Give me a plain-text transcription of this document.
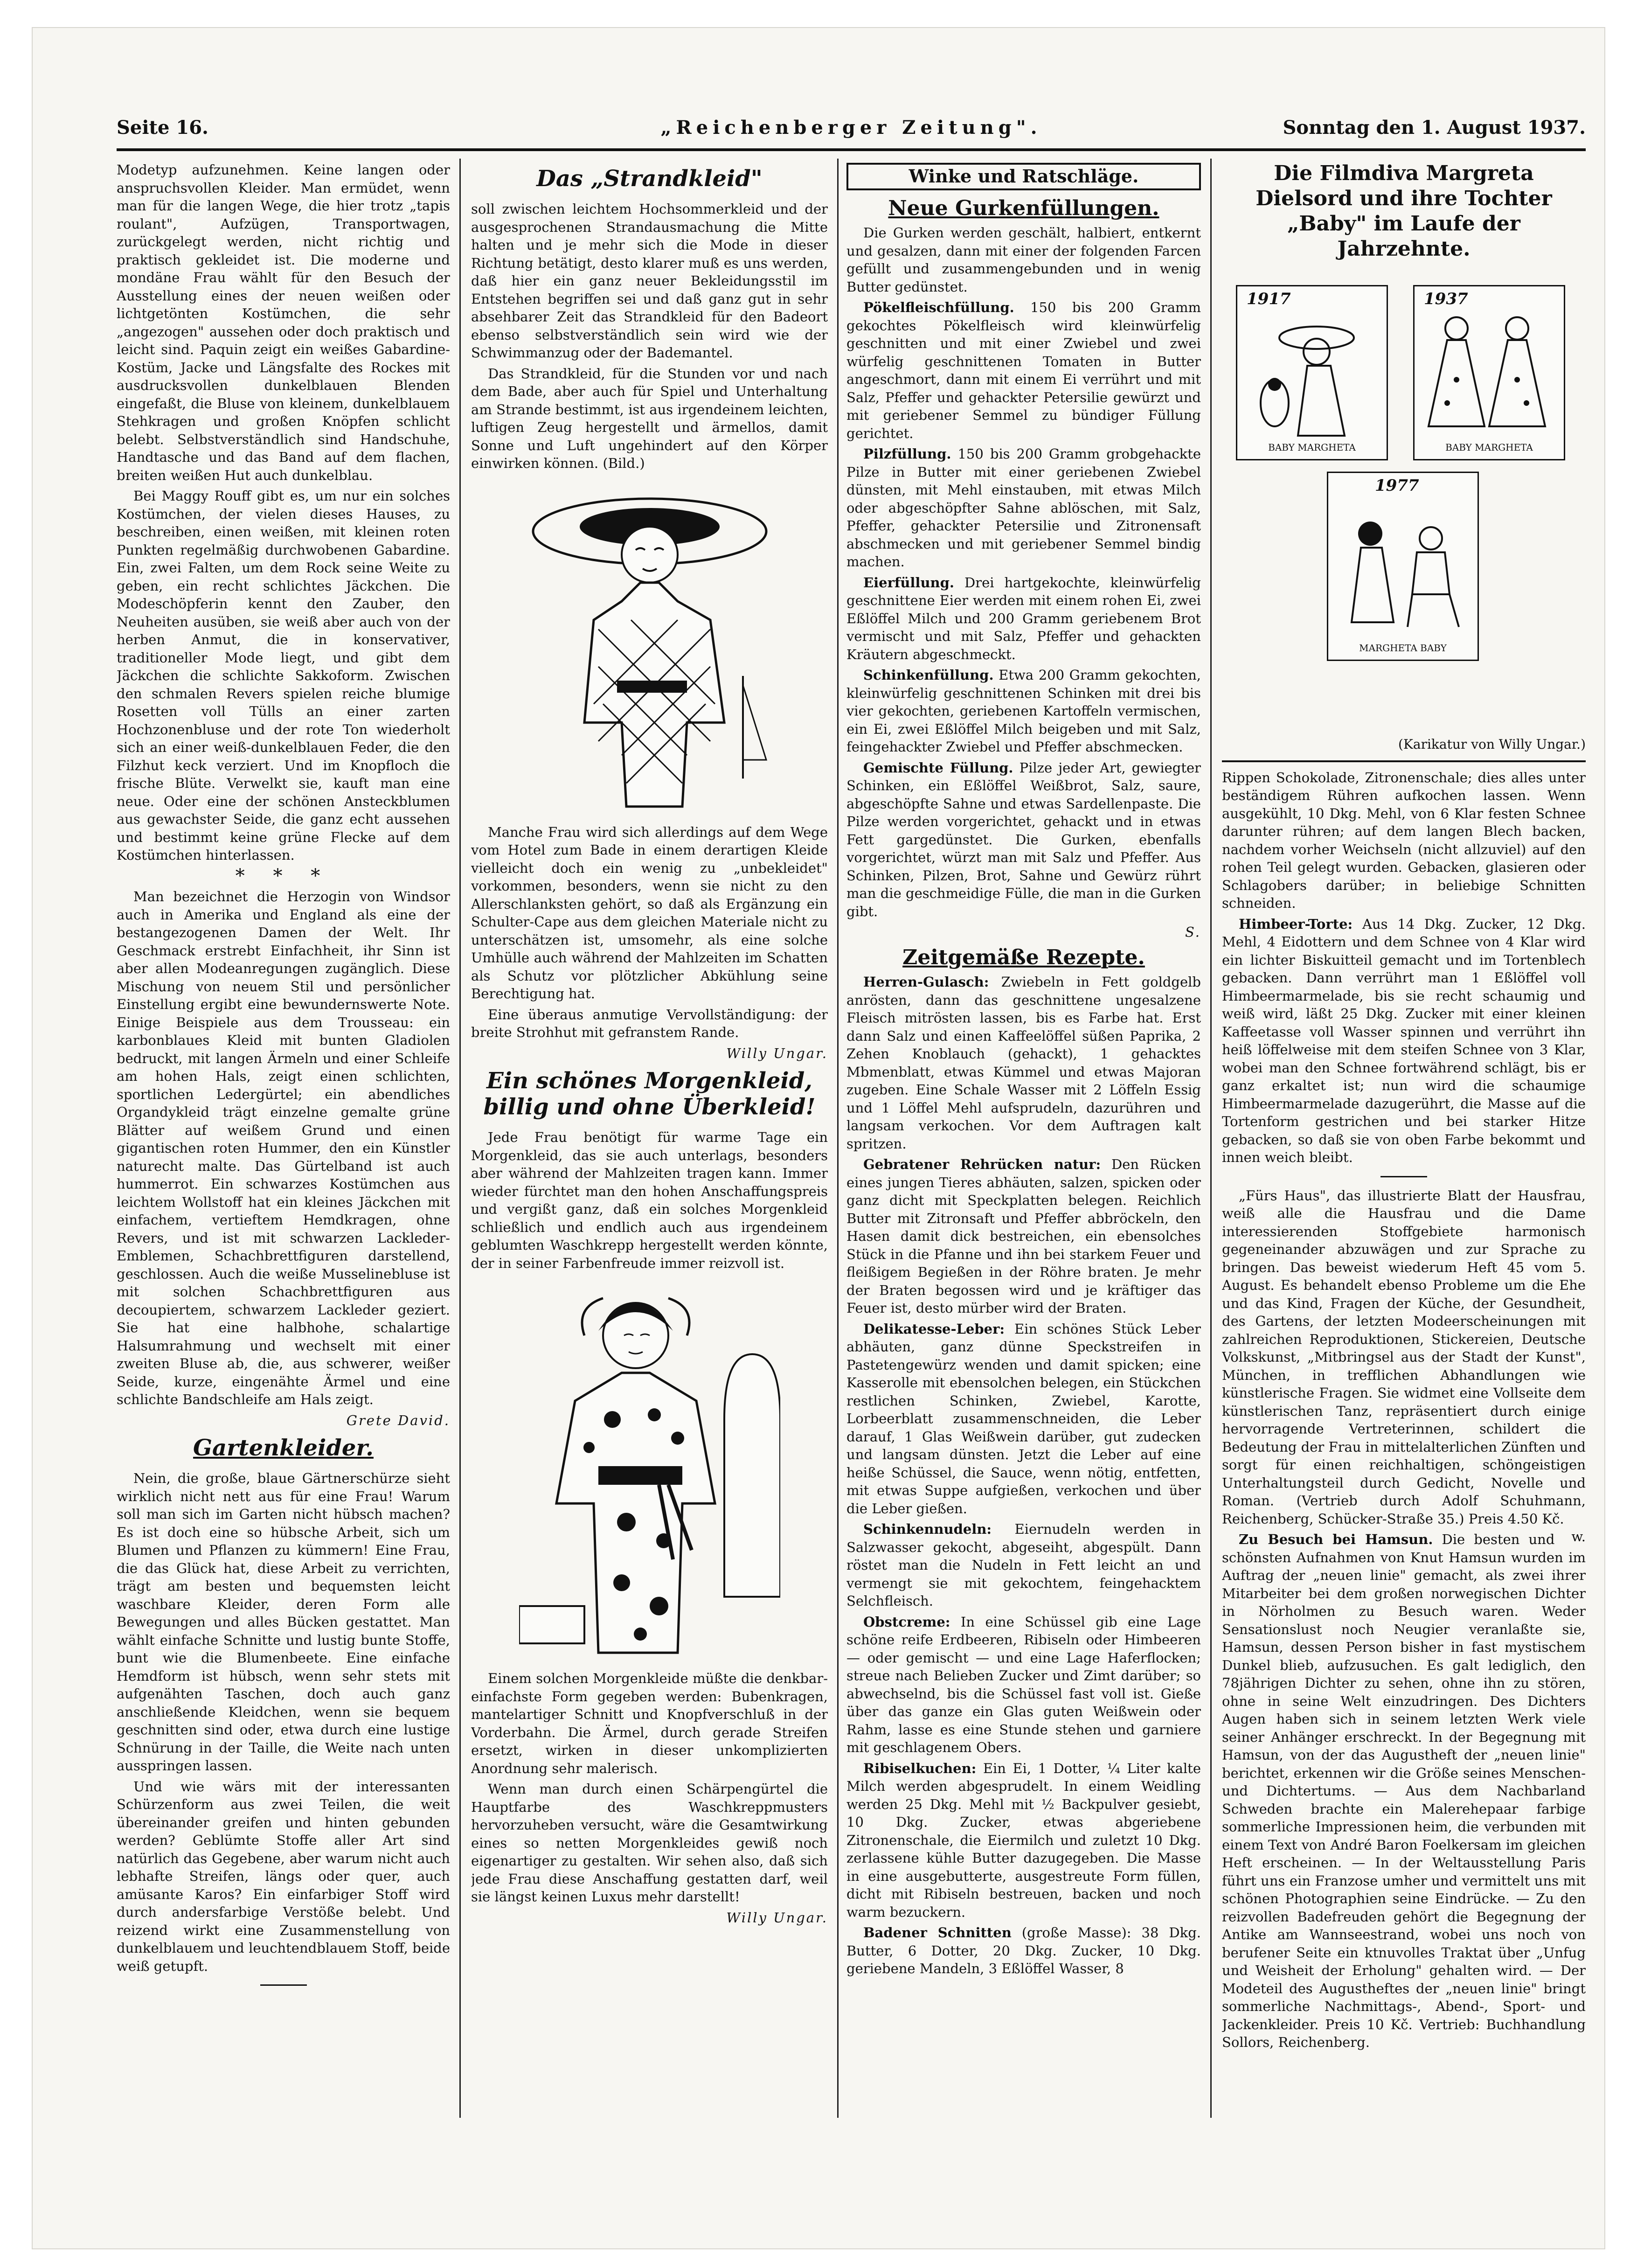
Seite 16.	„Reichenberger Zeitung".	Sonntag den 1. August 1937.

Modetyp aufzunehmen. Keine langen oder anspruchsvollen Kleider. Man ermüdet, wenn man für die langen Wege, die hier trotz „tapis roulant", Aufzügen, Transportwagen, zurückgelegt werden, nicht richtig und praktisch gekleidet ist. Die moderne und mondäne Frau wählt für den Besuch der Ausstellung eines der neuen weißen oder lichtgetönten Kostümchen, die sehr „angezogen" aussehen oder doch praktisch und leicht sind. Paquin zeigt ein weißes Gabardine-Kostüm, Jacke und Längsfalte des Rockes mit ausdrucksvollen dunkelblauen Blenden eingefaßt, die Bluse von kleinem, dunkelblauem Stehkragen und großen Knöpfen schlicht belebt. Selbstverständlich sind Handschuhe, Handtasche und das Band auf dem flachen, breiten weißen Hut auch dunkelblau.

Bei Maggy Rouff gibt es, um nur ein solches Kostümchen, der vielen dieses Hauses, zu beschreiben, einen weißen, mit kleinen roten Punkten regelmäßig durchwobenen Gabardine. Ein, zwei Falten, um dem Rock seine Weite zu geben, ein recht schlichtes Jäckchen. Die Modeschöpferin kennt den Zauber, den Neuheiten ausüben, sie weiß aber auch von der herben Anmut, die in konservativer, traditioneller Mode liegt, und gibt dem Jäckchen die schlichte Sakkoform. Zwischen den schmalen Revers spielen reiche blumige Rosetten voll Tülls an einer zarten Hochzonenbluse und der rote Ton wiederholt sich an einer weiß-dunkelblauen Feder, die den Filzhut keck verziert. Und im Knopfloch die frische Blüte. Verwelkt sie, kauft man eine neue. Oder eine der schönen Ansteckblumen aus gewachster Seide, die ganz echt aussehen und bestimmt keine grüne Flecke auf dem Kostümchen hinterlassen.

* * *

Man bezeichnet die Herzogin von Windsor auch in Amerika und England als eine der bestangezogenen Damen der Welt. Ihr Geschmack erstrebt Einfachheit, ihr Sinn ist aber allen Modeanregungen zugänglich. Diese Mischung von neuem Stil und persönlicher Einstellung ergibt eine bewundernswerte Note. Einige Beispiele aus dem Trousseau: ein karbonblaues Kleid mit bunten Gladiolen bedruckt, mit langen Ärmeln und einer Schleife am hohen Hals, zeigt einen schlichten, sportlichen Ledergürtel; ein abendliches Organdykleid trägt einzelne gemalte grüne Blätter auf weißem Grund und einen gigantischen roten Hummer, den ein Künstler naturecht malte. Das Gürtelband ist auch hummerrot. Ein schwarzes Kostümchen aus leichtem Wollstoff hat ein kleines Jäckchen mit einfachem, vertieftem Hemdkragen, ohne Revers, und ist mit schwarzen Lackleder-Emblemen, Schachbrettfiguren darstellend, geschlossen. Auch die weiße Musselinebluse ist mit solchen Schachbrettfiguren aus decoupiertem, schwarzem Lackleder geziert. Sie hat eine halbhohe, schalartige Halsumrahmung und wechselt mit einer zweiten Bluse ab, die, aus schwerer, weißer Seide, kurze, eingenähte Ärmel und eine schlichte Bandschleife am Hals zeigt.

Grete David.
Gartenkleider.

Nein, die große, blaue Gärtnerschürze sieht wirklich nicht nett aus für eine Frau! Warum soll man sich im Garten nicht hübsch machen? Es ist doch eine so hübsche Arbeit, sich um Blumen und Pflanzen zu kümmern! Eine Frau, die das Glück hat, diese Arbeit zu verrichten, trägt am besten und bequemsten leicht waschbare Kleider, deren Form alle Bewegungen und alles Bücken gestattet. Man wählt einfache Schnitte und lustig bunte Stoffe, bunt wie die Blumenbeete. Eine einfache Hemdform ist hübsch, wenn sehr stets mit aufgenähten Taschen, doch auch ganz anschließende Kleidchen, wenn sie bequem geschnitten sind oder, etwa durch eine lustige Schnürung in der Taille, die Weite nach unten ausspringen lassen.

Und wie wärs mit der interessanten Schürzenform aus zwei Teilen, die weit übereinander greifen und hinten gebunden werden? Geblümte Stoffe aller Art sind natürlich das Gegebene, aber warum nicht auch lebhafte Streifen, längs oder quer, auch amüsante Karos? Ein einfarbiger Stoff wird durch andersfarbige Verstöße belebt. Und reizend wirkt eine Zusammenstellung von dunkelblauem und leuchtendblauem Stoff, beide weiß getupft.

Das „Strandkleid"

soll zwischen leichtem Hochsommerkleid und der ausgesprochenen Strandausmachung die Mitte halten und je mehr sich die Mode in dieser Richtung betätigt, desto klarer muß es uns werden, daß hier ein ganz neuer Bekleidungsstil im Entstehen begriffen sei und daß ganz gut in sehr absehbarer Zeit das Strandkleid für den Badeort ebenso selbstverständlich sein wird wie der Schwimmanzug oder der Bademantel.

Das Strandkleid, für die Stunden vor und nach dem Bade, aber auch für Spiel und Unterhaltung am Strande bestimmt, ist aus irgendeinem leichten, luftigen Zeug hergestellt und ärmellos, damit Sonne und Luft ungehindert auf den Körper einwirken können. (Bild.)

Manche Frau wird sich allerdings auf dem Wege vom Hotel zum Bade in einem derartigen Kleide vielleicht doch ein wenig zu „unbekleidet" vorkommen, besonders, wenn sie nicht zu den Allerschlanksten gehört, so daß als Ergänzung ein Schulter-Cape aus dem gleichen Materiale nicht zu unterschätzen ist, umsomehr, als eine solche Umhülle auch während der Mahlzeiten im Schatten als Schutz vor plötzlicher Abkühlung seine Berechtigung hat.

Eine überaus anmutige Vervollständigung: der breite Strohhut mit gefranstem Rande.

Willy Ungar.
Ein schönes Morgenkleid, billig und ohne Überkleid!

Jede Frau benötigt für warme Tage ein Morgenkleid, das sie auch unterlags, besonders aber während der Mahlzeiten tragen kann. Immer wieder fürchtet man den hohen Anschaffungspreis und vergißt ganz, daß ein solches Morgenkleid schließlich und endlich auch aus irgendeinem geblumten Waschkrepp hergestellt werden könnte, der in seiner Farbenfreude immer reizvoll ist.

Einem solchen Morgenkleide müßte die denkbar-einfachste Form gegeben werden: Bubenkragen, mantelartiger Schnitt und Knopfverschluß in der Vorderbahn. Die Ärmel, durch gerade Streifen ersetzt, wirken in dieser unkomplizierten Anordnung sehr malerisch.

Wenn man durch einen Schärpengürtel die Hauptfarbe des Waschkreppmusters hervorzuheben versucht, wäre die Gesamtwirkung eines so netten Morgenkleides gewiß noch eigenartiger zu gestalten. Wir sehen also, daß sich jede Frau diese Anschaffung gestatten darf, weil sie längst keinen Luxus mehr darstellt!

Willy Ungar.
Winke und Ratschläge.
Neue Gurkenfüllungen.

Die Gurken werden geschält, halbiert, entkernt und gesalzen, dann mit einer der folgenden Farcen gefüllt und zusammengebunden und in wenig Butter gedünstet.

Pökelfleischfüllung. 150 bis 200 Gramm gekochtes Pökelfleisch wird kleinwürfelig geschnitten und mit einer Zwiebel und zwei würfelig geschnittenen Tomaten in Butter angeschmort, dann mit einem Ei verrührt und mit Salz, Pfeffer und gehackter Petersilie gewürzt und mit geriebener Semmel zu bündiger Füllung gerichtet.

Pilzfüllung. 150 bis 200 Gramm grobgehackte Pilze in Butter mit einer geriebenen Zwiebel dünsten, mit Mehl einstauben, mit etwas Milch oder abgeschöpfter Sahne ablöschen, mit Salz, Pfeffer, gehackter Petersilie und Zitronensaft abschmecken und mit geriebener Semmel bindig machen.

Eierfüllung. Drei hartgekochte, kleinwürfelig geschnittene Eier werden mit einem rohen Ei, zwei Eßlöffel Milch und 200 Gramm geriebenem Brot vermischt und mit Salz, Pfeffer und gehackten Kräutern abgeschmeckt.

Schinkenfüllung. Etwa 200 Gramm gekochten, kleinwürfelig geschnittenen Schinken mit drei bis vier gekochten, geriebenen Kartoffeln vermischen, ein Ei, zwei Eßlöffel Milch beigeben und mit Salz, feingehackter Zwiebel und Pfeffer abschmecken.

Gemischte Füllung. Pilze jeder Art, gewiegter Schinken, ein Eßlöffel Weißbrot, Salz, saure, abgeschöpfte Sahne und etwas Sardellenpaste. Die Pilze werden vorgerichtet, gehackt und in etwas Fett gargedünstet. Die Gurken, ebenfalls vorgerichtet, würzt man mit Salz und Pfeffer. Aus Schinken, Pilzen, Brot, Sahne und Gewürz rührt man die geschmeidige Fülle, die man in die Gurken gibt.

S.
Zeitgemäße Rezepte.

Herren-Gulasch: Zwiebeln in Fett goldgelb anrösten, dann das geschnittene ungesalzene Fleisch mitrösten lassen, bis es Farbe hat. Erst dann Salz und einen Kaffeelöffel süßen Paprika, 2 Zehen Knoblauch (gehackt), 1 gehacktes Mbmenblatt, etwas Kümmel und etwas Majoran zugeben. Eine Schale Wasser mit 2 Löffeln Essig und 1 Löffel Mehl aufsprudeln, dazurühren und langsam verkochen. Vor dem Auftragen kalt spritzen.

Gebratener Rehrücken natur: Den Rücken eines jungen Tieres abhäuten, salzen, spicken oder ganz dicht mit Speckplatten belegen. Reichlich Butter mit Zitronsaft und Pfeffer abbröckeln, den Hasen damit dick bestreichen, ein ebensolches Stück in die Pfanne und ihn bei starkem Feuer und fleißigem Begießen in der Röhre braten. Je mehr der Braten begossen wird und je kräftiger das Feuer ist, desto mürber wird der Braten.

Delikatesse-Leber: Ein schönes Stück Leber abhäuten, ganz dünne Speckstreifen in Pastetengewürz wenden und damit spicken; eine Kasserolle mit ebensolchen belegen, ein Stückchen restlichen Schinken, Zwiebel, Karotte, Lorbeerblatt zusammenschneiden, die Leber darauf, 1 Glas Weißwein darüber, gut zudecken und langsam dünsten. Jetzt die Leber auf eine heiße Schüssel, die Sauce, wenn nötig, entfetten, mit etwas Suppe aufgießen, verkochen und über die Leber gießen.

Schinkennudeln: Eiernudeln werden in Salzwasser gekocht, abgeseiht, abgespült. Dann röstet man die Nudeln in Fett leicht an und vermengt sie mit gekochtem, feingehacktem Selchfleisch.

Obstcreme: In eine Schüssel gib eine Lage schöne reife Erdbeeren, Ribiseln oder Himbeeren — oder gemischt — und eine Lage Haferflocken; streue nach Belieben Zucker und Zimt darüber; so abwechselnd, bis die Schüssel fast voll ist. Gieße über das ganze ein Glas guten Weißwein oder Rahm, lasse es eine Stunde stehen und garniere mit geschlagenem Obers.

Ribiselkuchen: Ein Ei, 1 Dotter, ¼ Liter kalte Milch werden abgesprudelt. In einem Weidling werden 25 Dkg. Mehl mit ½ Backpulver gesiebt, 10 Dkg. Zucker, etwas abgeriebene Zitronenschale, die Eiermilch und zuletzt 10 Dkg. zerlassene kühle Butter dazugegeben. Die Masse in eine ausgebutterte, ausgestreute Form füllen, dicht mit Ribiseln bestreuen, backen und noch warm bezuckern.

Badener Schnitten (große Masse): 38 Dkg. Butter, 6 Dotter, 20 Dkg. Zucker, 10 Dkg. geriebene Mandeln, 3 Eßlöffel Wasser, 8

Die Filmdiva Margreta Dielsord und ihre Tochter „Baby" im Laufe der Jahrzehnte.
1917
BABY MARGHETA
1937
BABY MARGHETA
1977
MARGHETA BABY
(Karikatur von Willy Ungar.)

Rippen Schokolade, Zitronenschale; dies alles unter beständigem Rühren aufkochen lassen. Wenn ausgekühlt, 10 Dkg. Mehl, von 6 Klar festen Schnee darunter rühren; auf dem langen Blech backen, nachdem vorher Weichseln (nicht allzuviel) auf den rohen Teil gelegt wurden. Gebacken, glasieren oder Schlagobers darüber; in beliebige Schnitten schneiden.

Himbeer-Torte: Aus 14 Dkg. Zucker, 12 Dkg. Mehl, 4 Eidottern und dem Schnee von 4 Klar wird ein lichter Biskuitteil gemacht und im Tortenblech gebacken. Dann verrührt man 1 Eßlöffel voll Himbeermarmelade, bis sie recht schaumig und weiß wird, läßt 25 Dkg. Zucker mit einer kleinen Kaffeetasse voll Wasser spinnen und verrührt ihn heiß löffelweise mit dem steifen Schnee von 3 Klar, wobei man den Schnee fortwährend schlägt, bis er ganz erkaltet ist; nun wird die schaumige Himbeermarmelade dazugerührt, die Masse auf die Tortenform gestrichen und bei starker Hitze gebacken, so daß sie von oben Farbe bekommt und innen weich bleibt.

„Fürs Haus", das illustrierte Blatt der Hausfrau, weiß alle die Hausfrau und die Dame interessierenden Stoffgebiete harmonisch gegeneinander abzuwägen und zur Sprache zu bringen. Das beweist wiederum Heft 45 vom 5. August. Es behandelt ebenso Probleme um die Ehe und das Kind, Fragen der Küche, der Gesundheit, des Gartens, der letzten Modeerscheinungen mit zahlreichen Reproduktionen, Stickereien, Deutsche Volkskunst, „Mitbringsel aus der Stadt der Kunst", München, in trefflichen Abhandlungen wie künstlerische Fragen. Sie widmet eine Vollseite dem künstlerischen Tanz, repräsentiert durch einige hervorragende Vertreterinnen, schildert die Bedeutung der Frau in mittelalterlichen Zünften und sorgt für einen reichhaltigen, schöngeistigen Unterhaltungsteil durch Gedicht, Novelle und Roman. (Vertrieb durch Adolf Schuhmann, Reichenberg, Schücker-Straße 35.) Preis 4.50 Kč.
w.

Zu Besuch bei Hamsun. Die besten und schönsten Aufnahmen von Knut Hamsun wurden im Auftrag der „neuen linie" gemacht, als zwei ihrer Mitarbeiter bei dem großen norwegischen Dichter in Nörholmen zu Besuch waren. Weder Sensationslust noch Neugier veranlaßte sie, Hamsun, dessen Person bisher in fast mystischem Dunkel blieb, aufzusuchen. Es galt lediglich, den 78jährigen Dichter zu sehen, ohne ihn zu stören, ohne in seine Welt einzudringen. Des Dichters Augen haben sich in seinem letzten Werk viele seiner Anhänger erschreckt. In der Begegnung mit Hamsun, von der das Augustheft der „neuen linie" berichtet, erkennen wir die Größe seines Menschen- und Dichtertums. — Aus dem Nachbarland Schweden brachte ein Malerehepaar farbige sommerliche Impressionen heim, die verbunden mit einem Text von André Baron Foelkersam im gleichen Heft erscheinen. — In der Weltausstellung Paris führt uns ein Franzose umher und vermittelt uns mit schönen Photographien seine Eindrücke. — Zu den reizvollen Badefreuden gehört die Begegnung der Antike am Wannseestrand, wobei uns noch von berufener Seite ein ktnuvolles Traktat über „Unfug und Weisheit der Erholung" gehalten wird. — Der Modeteil des Augustheftes der „neuen linie" bringt sommerliche Nachmittags-, Abend-, Sport- und Jackenkleider. Preis 10 Kč. Vertrieb: Buchhandlung Sollors, Reichenberg.
